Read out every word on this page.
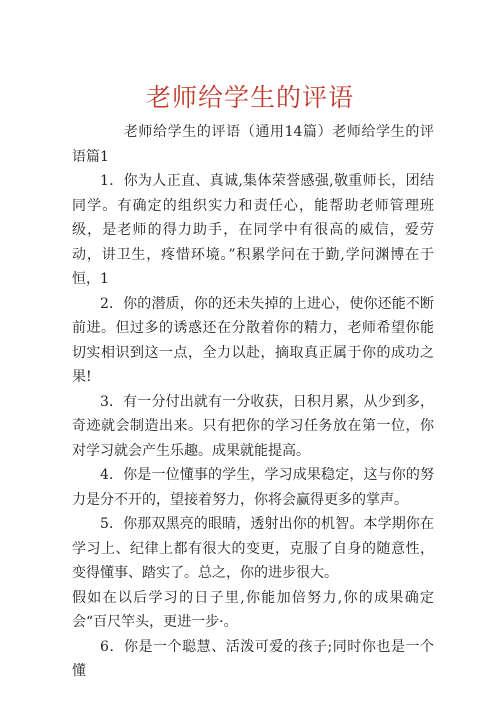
老师给学生的评语

老师给学生的评语（通用14篇）老师给学生的评语篇1

1．你为人正直、真诚,集体荣誉感强,敬重师长，团结同学。有确定的组织实力和责任心，能帮助老师管理班级，是老师的得力助手，在同学中有很高的威信，爱劳动，讲卫生，疼惜环境。”积累学问在于勤,学问渊博在于恒，1

2．你的潜质，你的还未失掉的上进心，使你还能不断前进。但过多的诱惑还在分散着你的精力，老师希望你能切实相识到这一点，全力以赴，摘取真正属于你的成功之果!

3．有一分付出就有一分收获，日积月累，从少到多，奇迹就会制造出来。只有把你的学习任务放在第一位，你对学习就会产生乐趣。成果就能提高。

4．你是一位懂事的学生，学习成果稳定，这与你的努力是分不开的，望接着努力，你将会赢得更多的掌声。

5．你那双黑亮的眼睛，透射出你的机智。本学期你在学习上、纪律上都有很大的变更，克服了自身的随意性，变得懂事、踏实了。总之，你的进步很大。

假如在以后学习的日子里,你能加倍努力,你的成果确定会“百尺竿头，更进一步·。

6．你是一个聪慧、活泼可爱的孩子;同时你也是一个懂
